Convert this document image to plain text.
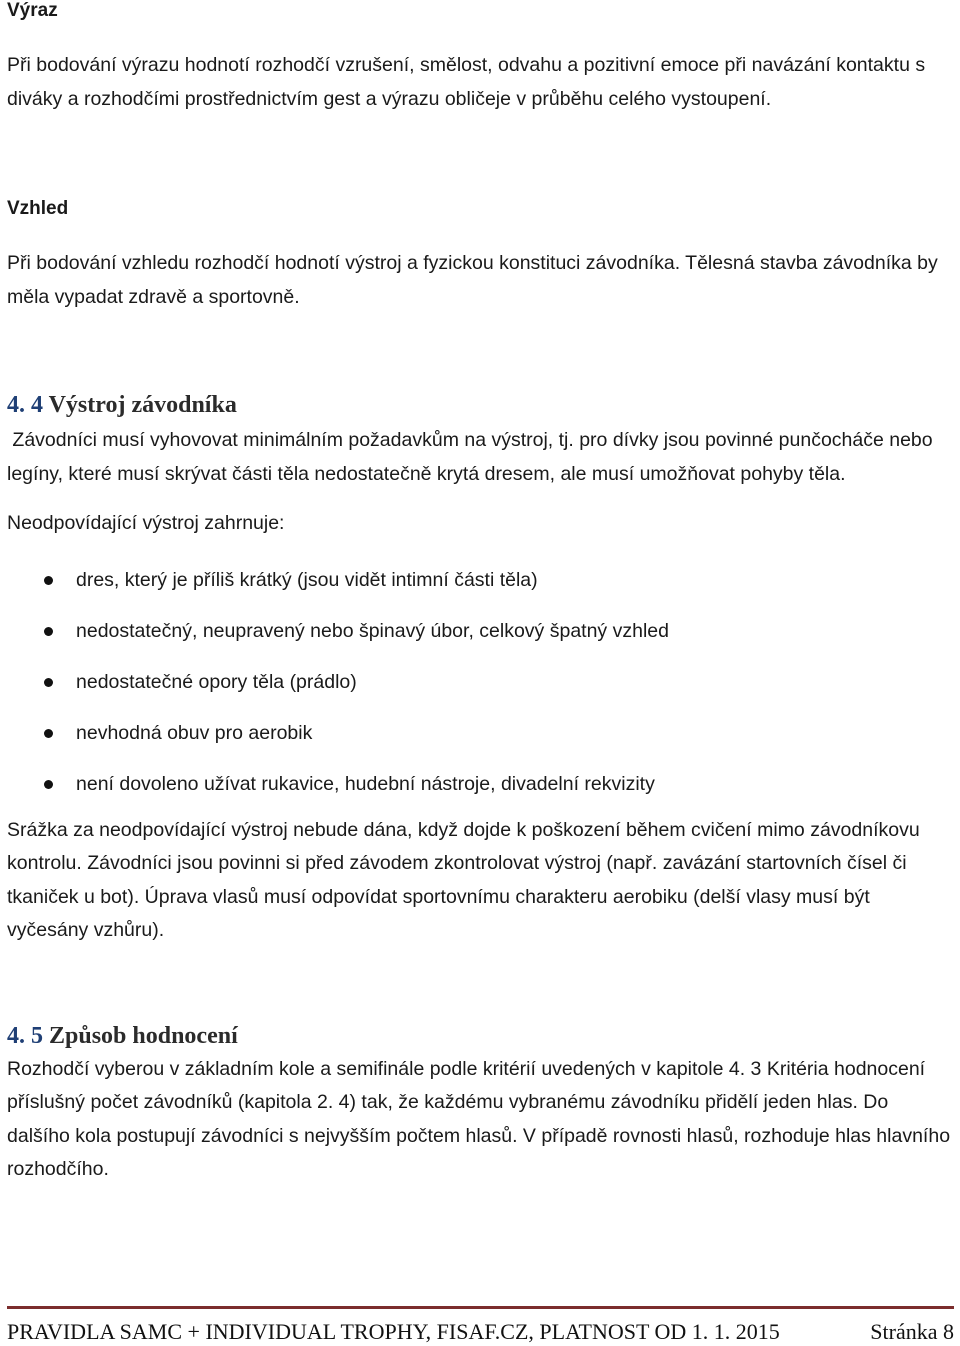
Výraz

Při bodování výrazu hodnotí rozhodčí vzrušení, smělost, odvahu a pozitivní emoce při navázání kontaktu s diváky a rozhodčími prostřednictvím gest a výrazu obličeje v průběhu celého vystoupení.

Vzhled

Při bodování vzhledu rozhodčí hodnotí výstroj a fyzickou konstituci závodníka. Tělesná stavba závodníka by měla vypadat zdravě a sportovně.

4. 4 Výstroj závodníka

Závodníci musí vyhovovat minimálním požadavkům na výstroj, tj. pro dívky jsou povinné punčocháče nebo legíny, které musí skrývat části těla nedostatečně krytá dresem, ale musí umožňovat pohyby těla.

Neodpovídající výstroj zahrnuje:

dres, který je příliš krátký (jsou vidět intimní části těla)
nedostatečný, neupravený nebo špinavý úbor, celkový špatný vzhled
nedostatečné opory těla (prádlo)
nevhodná obuv pro aerobik
není dovoleno užívat rukavice, hudební nástroje, divadelní rekvizity

Srážka za neodpovídající výstroj nebude dána, když dojde k poškození během cvičení mimo závodníkovu kontrolu. Závodníci jsou povinni si před závodem zkontrolovat výstroj (např. zavázání startovních čísel či tkaniček u bot). Úprava vlasů musí odpovídat sportovnímu charakteru aerobiku (delší vlasy musí být vyčesány vzhůru).

4. 5 Způsob hodnocení

Rozhodčí vyberou v základním kole a semifinále podle kritérií uvedených v kapitole 4. 3 Kritéria hodnocení příslušný počet závodníků (kapitola 2. 4) tak, že každému vybranému závodníku přidělí jeden hlas. Do dalšího kola postupují závodníci s nejvyšším počtem hlasů. V případě rovnosti hlasů, rozhoduje hlas hlavního rozhodčího.

PRAVIDLA SAMC + INDIVIDUAL TROPHY, FISAF.CZ, PLATNOST OD 1. 1. 2015	Stránka 8
